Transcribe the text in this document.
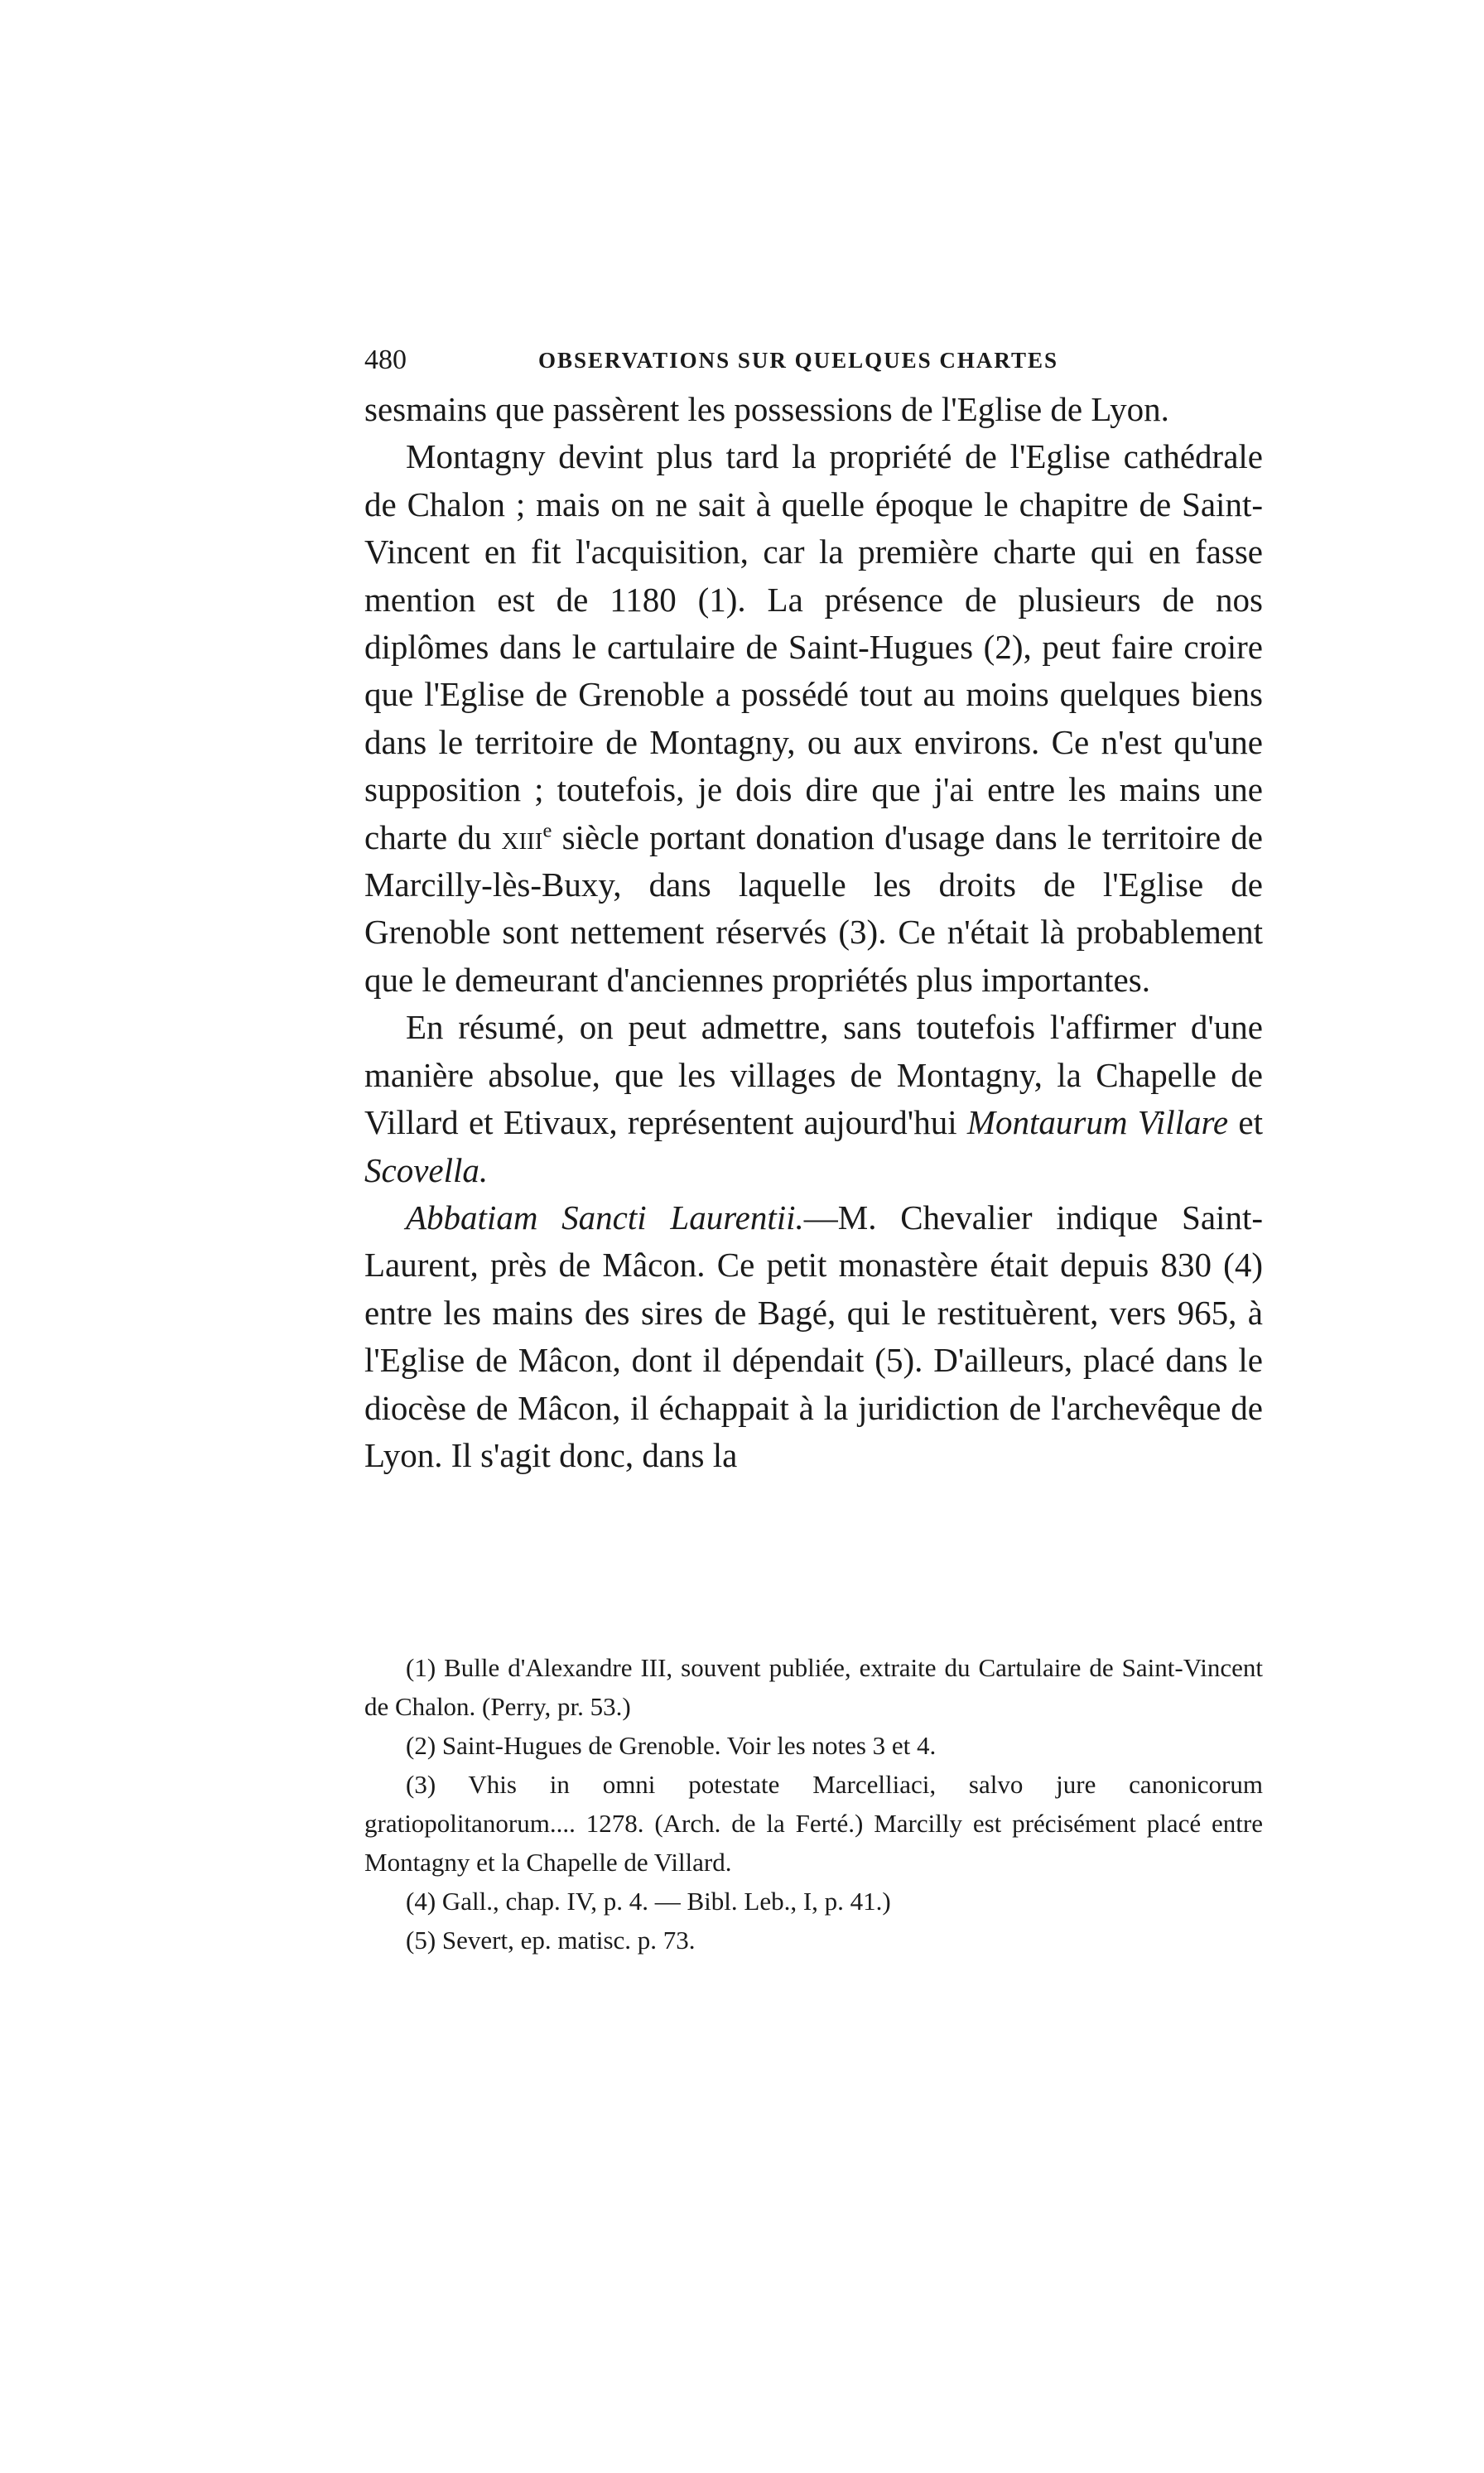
480	OBSERVATIONS SUR QUELQUES CHARTES

sesmains que passèrent les possessions de l'Eglise de Lyon.

Montagny devint plus tard la propriété de l'Eglise cathédrale de Chalon ; mais on ne sait à quelle époque le chapitre de Saint-Vincent en fit l'acquisition, car la première charte qui en fasse mention est de 1180 (1). La présence de plusieurs de nos diplômes dans le cartulaire de Saint-Hugues (2), peut faire croire que l'Eglise de Grenoble a possédé tout au moins quelques biens dans le territoire de Montagny, ou aux environs. Ce n'est qu'une supposition ; toutefois, je dois dire que j'ai entre les mains une charte du xiii$^e$ siècle portant donation d'usage dans le territoire de Marcilly-lès-Buxy, dans laquelle les droits de l'Eglise de Grenoble sont nettement réservés (3). Ce n'était là probablement que le demeurant d'anciennes propriétés plus importantes.

En résumé, on peut admettre, sans toutefois l'affirmer d'une manière absolue, que les villages de Montagny, la Chapelle de Villard et Etivaux, représentent aujourd'hui Montaurum Villare et Scovella.

Abbatiam Sancti Laurentii.—M. Chevalier indique Saint-Laurent, près de Mâcon. Ce petit monastère était depuis 830 (4) entre les mains des sires de Bagé, qui le restituèrent, vers 965, à l'Eglise de Mâcon, dont il dépendait (5). D'ailleurs, placé dans le diocèse de Mâcon, il échappait à la juridiction de l'archevêque de Lyon. Il s'agit donc, dans la

(1) Bulle d'Alexandre III, souvent publiée, extraite du Cartulaire de Saint-Vincent de Chalon. (Perry, pr. 53.)

(2) Saint-Hugues de Grenoble. Voir les notes 3 et 4.

(3) Vhis in omni potestate Marcelliaci, salvo jure canonicorum gratiopolitanorum.... 1278. (Arch. de la Ferté.) Marcilly est précisément placé entre Montagny et la Chapelle de Villard.

(4) Gall., chap. IV, p. 4. — Bibl. Leb., I, p. 41.)

(5) Severt, ep. matisc. p. 73.
